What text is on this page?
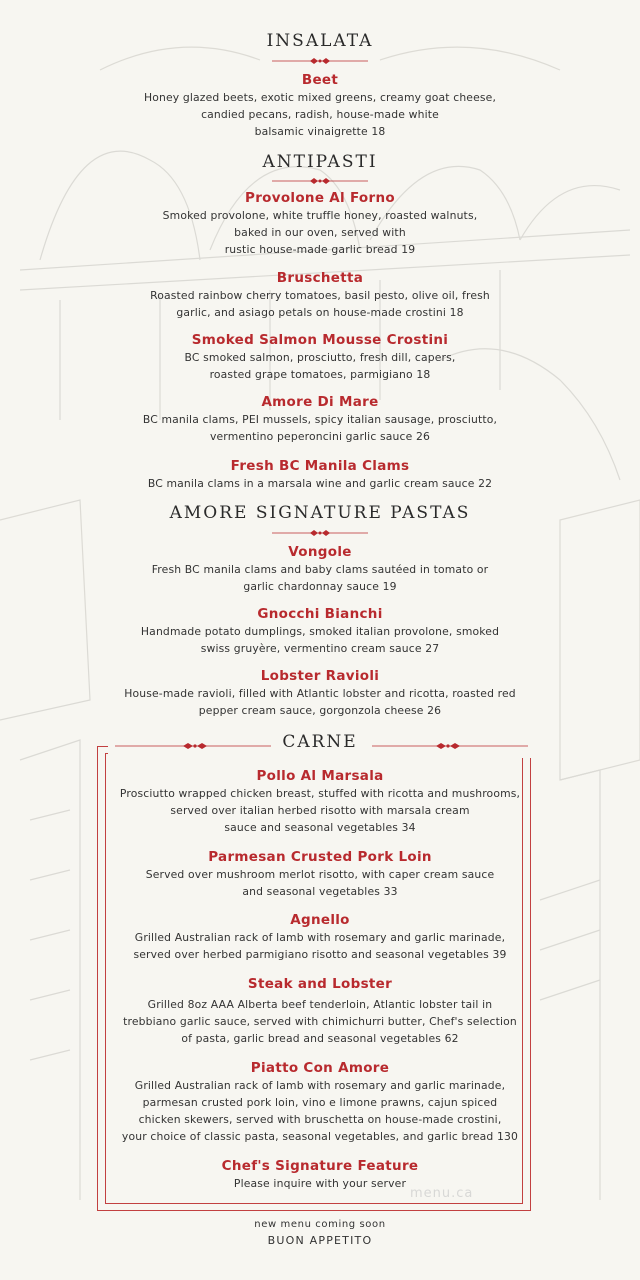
INSALATA
Beet
Honey glazed beets, exotic mixed greens, creamy goat cheese,
candied pecans, radish, house-made white
balsamic vinaigrette 18
ANTIPASTI
Provolone Al Forno
Smoked provolone, white truffle honey, roasted walnuts,
baked in our oven, served with
rustic house-made garlic bread 19
Bruschetta
Roasted rainbow cherry tomatoes, basil pesto, olive oil, fresh
garlic, and asiago petals on house-made crostini 18
Smoked Salmon Mousse Crostini
BC smoked salmon, prosciutto, fresh dill, capers,
roasted grape tomatoes, parmigiano 18
Amore Di Mare
BC manila clams, PEI mussels, spicy italian sausage, prosciutto,
vermentino peperoncini garlic sauce 26
Fresh BC Manila Clams
BC manila clams in a marsala wine and garlic cream sauce 22
AMORE SIGNATURE PASTAS
Vongole
Fresh BC manila clams and baby clams sautéed in tomato or
garlic chardonnay sauce 19
Gnocchi Bianchi
Handmade potato dumplings, smoked italian provolone, smoked
swiss gruyère, vermentino cream sauce 27
Lobster Ravioli
House-made ravioli, filled with Atlantic lobster and ricotta, roasted red
pepper cream sauce, gorgonzola cheese 26
CARNE
Pollo Al Marsala
Prosciutto wrapped chicken breast, stuffed with ricotta and mushrooms,
served over italian herbed risotto with marsala cream
sauce and seasonal vegetables 34
Parmesan Crusted Pork Loin
Served over mushroom merlot risotto, with caper cream sauce
and seasonal vegetables 33
Agnello
Grilled Australian rack of lamb with rosemary and garlic marinade,
served over herbed parmigiano risotto and seasonal vegetables 39
Steak and Lobster
Grilled 8oz AAA Alberta beef tenderloin, Atlantic lobster tail in
trebbiano garlic sauce, served with chimichurri butter, Chef's selection
of pasta, garlic bread and seasonal vegetables 62
Piatto Con Amore
Grilled Australian rack of lamb with rosemary and garlic marinade,
parmesan crusted pork loin, vino e limone prawns, cajun spiced
chicken skewers, served with bruschetta on house-made crostini,
your choice of classic pasta, seasonal vegetables, and garlic bread 130
Chef's Signature Feature
Please inquire with your server
menu.ca
new menu coming soon
BUON APPETITO
